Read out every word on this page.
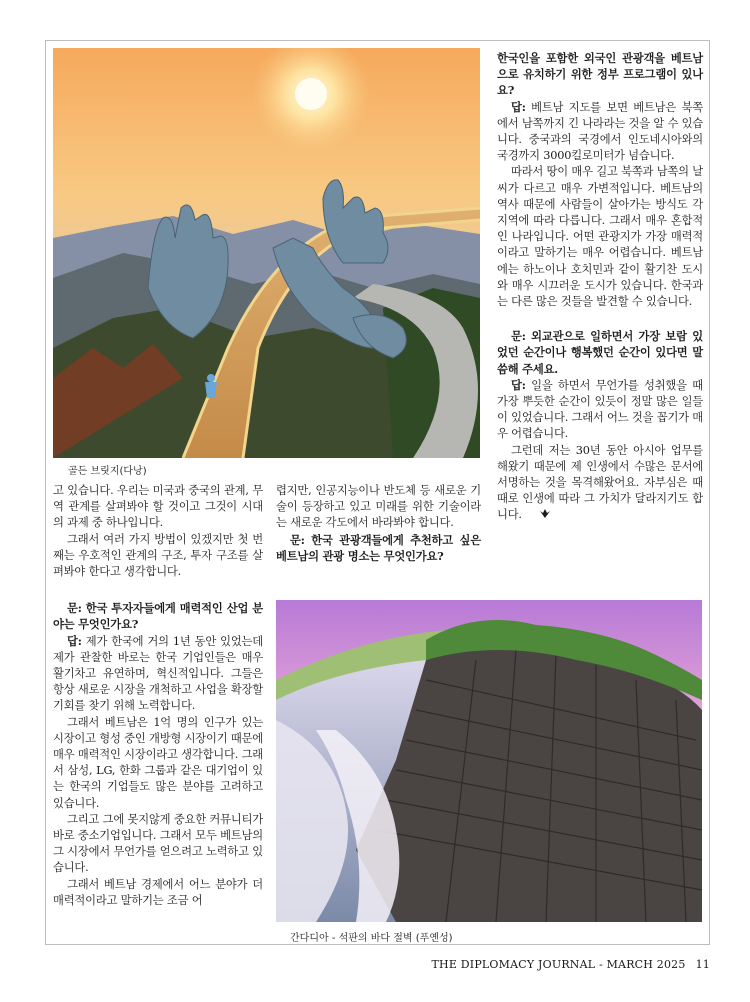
골든 브릿지(다낭)
간다디아 - 석판의 바다 절벽 (푸옌성)

고 있습니다. 우리는 미국과 중국의 관계, 무역 관계를 살펴봐야 할 것이고 그것이 시대의 과제 중 하나입니다.

그래서 여러 가지 방법이 있겠지만 첫 번째는 우호적인 관계의 구조, 투자 구조를 살펴봐야 한다고 생각합니다.

문: 한국 투자자들에게 매력적인 산업 분야는 무엇인가요?

답: 제가 한국에 거의 1년 동안 있었는데 제가 관찰한 바로는 한국 기업인들은 매우 활기차고 유연하며, 혁신적입니다. 그들은 항상 새로운 시장을 개척하고 사업을 확장할 기회를 찾기 위해 노력합니다.

그래서 베트남은 1억 명의 인구가 있는 시장이고 형성 중인 개방형 시장이기 때문에 매우 매력적인 시장이라고 생각합니다. 그래서 삼성, LG, 한화 그룹과 같은 대기업이 있는 한국의 기업들도 많은 분야를 고려하고 있습니다.

그리고 그에 못지않게 중요한 커뮤니티가 바로 중소기업입니다. 그래서 모두 베트남의 그 시장에서 무언가를 얻으려고 노력하고 있습니다.

그래서 베트남 경제에서 어느 분야가 더 매력적이라고 말하기는 조금 어

렵지만, 인공지능이나 반도체 등 새로운 기술이 등장하고 있고 미래를 위한 기술이라는 새로운 각도에서 바라봐야 합니다.

문: 한국 관광객들에게 추천하고 싶은 베트남의 관광 명소는 무엇인가요?

한국인을 포함한 외국인 관광객을 베트남으로 유치하기 위한 정부 프로그램이 있나요?

답: 베트남 지도를 보면 베트남은 북쪽에서 남쪽까지 긴 나라라는 것을 알 수 있습니다. 중국과의 국경에서 인도네시아와의 국경까지 3000킬로미터가 넘습니다.

따라서 땅이 매우 길고 북쪽과 남쪽의 날씨가 다르고 매우 가변적입니다. 베트남의 역사 때문에 사람들이 살아가는 방식도 각 지역에 따라 다릅니다. 그래서 매우 혼합적인 나라입니다. 어떤 관광지가 가장 매력적이라고 말하기는 매우 어렵습니다. 베트남에는 하노이나 호치민과 같이 활기찬 도시와 매우 시끄러운 도시가 있습니다. 한국과는 다른 많은 것들을 발견할 수 있습니다.

문: 외교관으로 일하면서 가장 보람 있었던 순간이나 행복했던 순간이 있다면 말씀해 주세요.

답: 일을 하면서 무언가를 성취했을 때 가장 뿌듯한 순간이 있듯이 정말 많은 일들이 있었습니다. 그래서 어느 것을 꼽기가 매우 어렵습니다.

그런데 저는 30년 동안 아시아 업무를 해왔기 때문에 제 인생에서 수많은 문서에 서명하는 것을 목격해왔어요. 자부심은 때때로 인생에 따라 그 가치가 달라지기도 합니다.

THE DIPLOMACY JOURNAL - MARCH 2025 11
